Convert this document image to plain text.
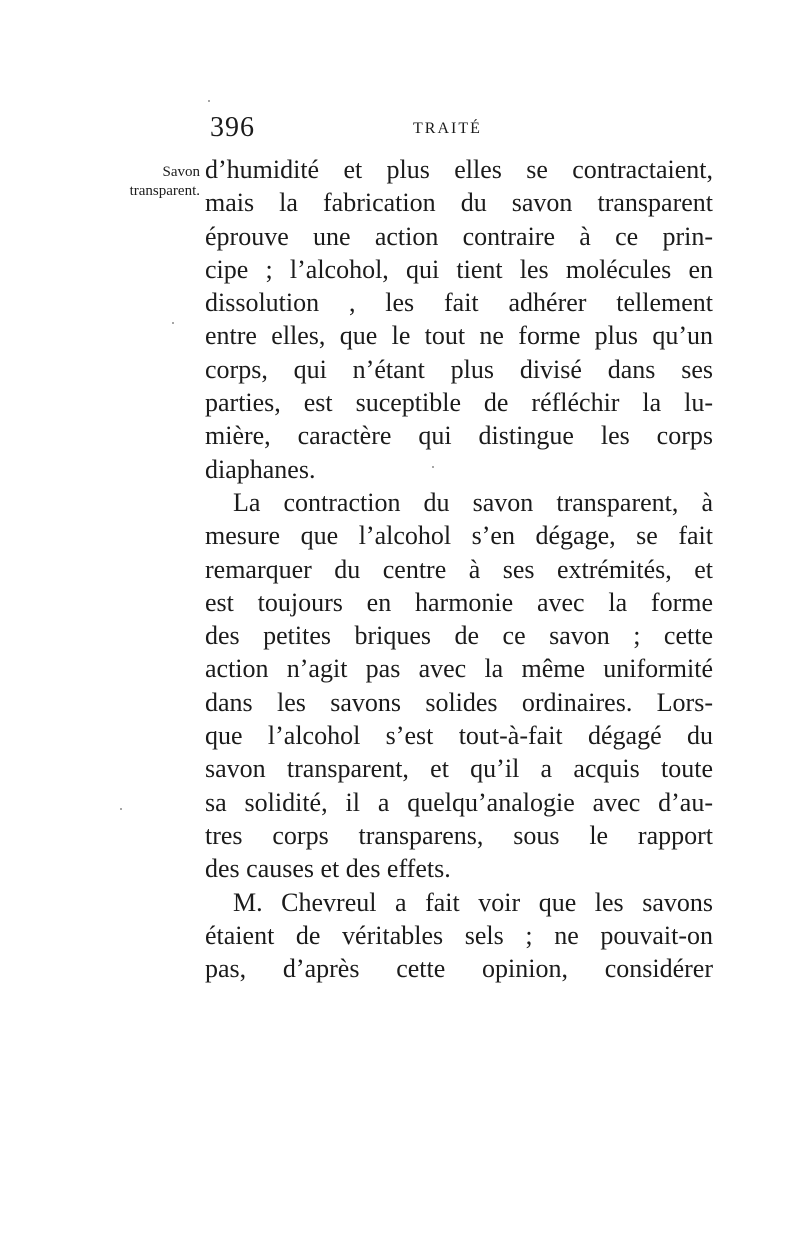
396	TRAITÉ
Savon
transparent.
d’humidité et plus elles se contractaient,
mais la fabrication du savon transparent
éprouve une action contraire à ce prin-
cipe ; l’alcohol, qui tient les molécules en
dissolution , les fait adhérer tellement
entre elles, que le tout ne forme plus qu’un
corps, qui n’étant plus divisé dans ses
parties, est suceptible de réfléchir la lu-
mière, caractère qui distingue les corps
diaphanes.
La contraction du savon transparent, à
mesure que l’alcohol s’en dégage, se fait
remarquer du centre à ses extrémités, et
est toujours en harmonie avec la forme
des petites briques de ce savon ; cette
action n’agit pas avec la même uniformité
dans les savons solides ordinaires. Lors-
que l’alcohol s’est tout-à-fait dégagé du
savon transparent, et qu’il a acquis toute
sa solidité, il a quelqu’analogie avec d’au-
tres corps transparens, sous le rapport
des causes et des effets.
M. Chevreul a fait voir que les savons
étaient de véritables sels ; ne pouvait-on
pas, d’après cette opinion, considérer
